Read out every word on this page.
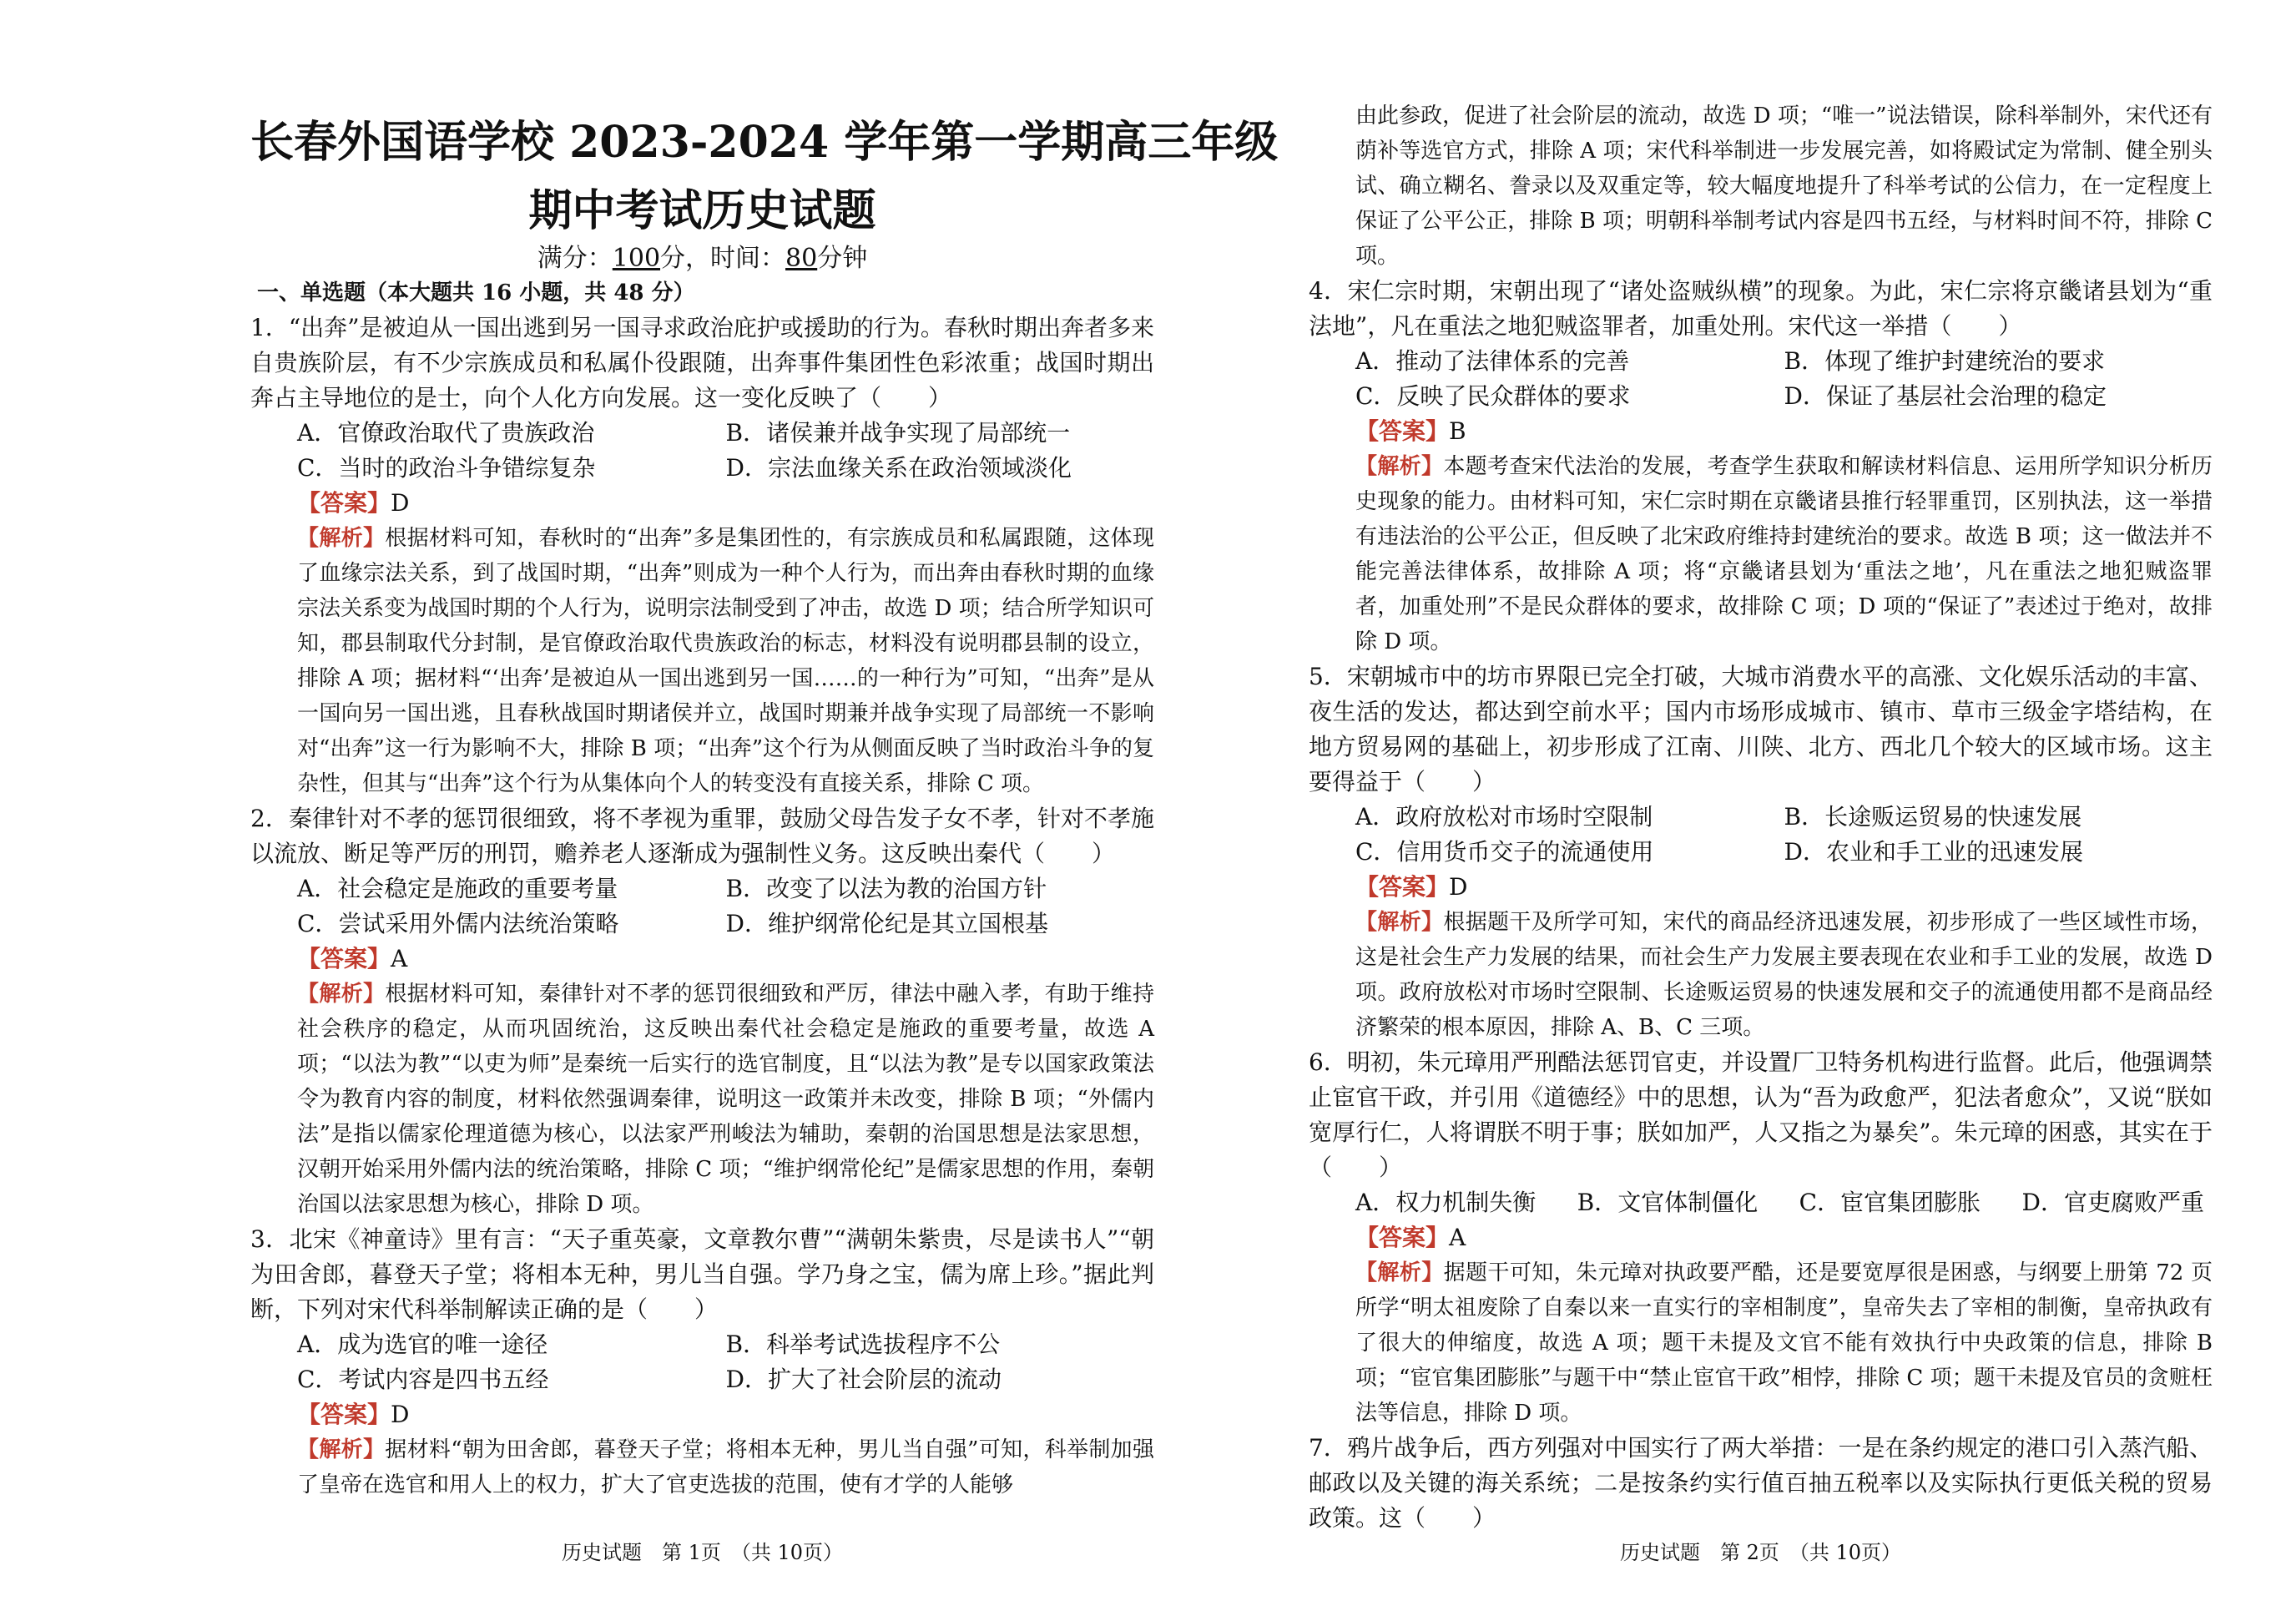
长春外国语学校 2023-2024 学年第一学期高三年级
期中考试历史试题
满分：100分，时间：80分钟
一、单选题（本大题共 16 小题，共 48 分）
1．“出奔”是被迫从一国出逃到另一国寻求政治庇护或援助的行为。春秋时期出奔者多来自贵族阶层，有不少宗族成员和私属仆役跟随，出奔事件集团性色彩浓重；战国时期出奔占主导地位的是士，向个人化方向发展。这一变化反映了（　　）
A．官僚政治取代了贵族政治	B．诸侯兼并战争实现了局部统一
C．当时的政治斗争错综复杂	D．宗法血缘关系在政治领域淡化
【答案】D
【解析】根据材料可知，春秋时的“出奔”多是集团性的，有宗族成员和私属跟随，这体现了血缘宗法关系，到了战国时期，“出奔”则成为一种个人行为，而出奔由春秋时期的血缘宗法关系变为战国时期的个人行为，说明宗法制受到了冲击，故选 D 项；结合所学知识可知，郡县制取代分封制，是官僚政治取代贵族政治的标志，材料没有说明郡县制的设立，排除 A 项；据材料“‘出奔’是被迫从一国出逃到另一国……的一种行为”可知，“出奔”是从一国向另一国出逃，且春秋战国时期诸侯并立，战国时期兼并战争实现了局部统一不影响对“出奔”这一行为影响不大，排除 B 项；“出奔”这个行为从侧面反映了当时政治斗争的复杂性，但其与“出奔”这个行为从集体向个人的转变没有直接关系，排除 C 项。
2．秦律针对不孝的惩罚很细致，将不孝视为重罪，鼓励父母告发子女不孝，针对不孝施以流放、断足等严厉的刑罚，赡养老人逐渐成为强制性义务。这反映出秦代（　　）
A．社会稳定是施政的重要考量	B．改变了以法为教的治国方针
C．尝试采用外儒内法统治策略	D．维护纲常伦纪是其立国根基
【答案】A
【解析】根据材料可知，秦律针对不孝的惩罚很细致和严厉，律法中融入孝，有助于维持社会秩序的稳定，从而巩固统治，这反映出秦代社会稳定是施政的重要考量，故选 A 项；“以法为教”“以吏为师”是秦统一后实行的选官制度，且“以法为教”是专以国家政策法令为教育内容的制度，材料依然强调秦律，说明这一政策并未改变，排除 B 项；“外儒内法”是指以儒家伦理道德为核心，以法家严刑峻法为辅助，秦朝的治国思想是法家思想，汉朝开始采用外儒内法的统治策略，排除 C 项；“维护纲常伦纪”是儒家思想的作用，秦朝治国以法家思想为核心，排除 D 项。
3．北宋《神童诗》里有言：“天子重英豪，文章教尔曹”“满朝朱紫贵，尽是读书人”“朝为田舍郎，暮登天子堂；将相本无种，男儿当自强。学乃身之宝，儒为席上珍。”据此判断，下列对宋代科举制解读正确的是（　　）
A．成为选官的唯一途径	B．科举考试选拔程序不公
C．考试内容是四书五经	D．扩大了社会阶层的流动
【答案】D
【解析】据材料“朝为田舍郎，暮登天子堂；将相本无种，男儿当自强”可知，科举制加强了皇帝在选官和用人上的权力，扩大了官吏选拔的范围，使有才学的人能够
历史试题　第 1页　（共 10页）
由此参政，促进了社会阶层的流动，故选 D 项；“唯一”说法错误，除科举制外，宋代还有荫补等选官方式，排除 A 项；宋代科举制进一步发展完善，如将殿试定为常制、健全别头试、确立糊名、誊录以及双重定等，较大幅度地提升了科举考试的公信力，在一定程度上保证了公平公正，排除 B 项；明朝科举制考试内容是四书五经，与材料时间不符，排除 C 项。
4．宋仁宗时期，宋朝出现了“诸处盗贼纵横”的现象。为此，宋仁宗将京畿诸县划为“重法地”，凡在重法之地犯贼盗罪者，加重处刑。宋代这一举措（　　）
A．推动了法律体系的完善	B．体现了维护封建统治的要求
C．反映了民众群体的要求	D．保证了基层社会治理的稳定
【答案】B
【解析】本题考查宋代法治的发展，考查学生获取和解读材料信息、运用所学知识分析历史现象的能力。由材料可知，宋仁宗时期在京畿诸县推行轻罪重罚，区别执法，这一举措有违法治的公平公正，但反映了北宋政府维持封建统治的要求。故选 B 项；这一做法并不能完善法律体系，故排除 A 项；将“京畿诸县划为‘重法之地’，凡在重法之地犯贼盗罪者，加重处刑”不是民众群体的要求，故排除 C 项；D 项的“保证了”表述过于绝对，故排除 D 项。
5．宋朝城市中的坊市界限已完全打破，大城市消费水平的高涨、文化娱乐活动的丰富、夜生活的发达，都达到空前水平；国内市场形成城市、镇市、草市三级金字塔结构，在地方贸易网的基础上，初步形成了江南、川陕、北方、西北几个较大的区域市场。这主要得益于（　　）
A．政府放松对市场时空限制	B．长途贩运贸易的快速发展
C．信用货币交子的流通使用	D．农业和手工业的迅速发展
【答案】D
【解析】根据题干及所学可知，宋代的商品经济迅速发展，初步形成了一些区域性市场，这是社会生产力发展的结果，而社会生产力发展主要表现在农业和手工业的发展，故选 D 项。政府放松对市场时空限制、长途贩运贸易的快速发展和交子的流通使用都不是商品经济繁荣的根本原因，排除 A、B、C 三项。
6．明初，朱元璋用严刑酷法惩罚官吏，并设置厂卫特务机构进行监督。此后，他强调禁止宦官干政，并引用《道德经》中的思想，认为“吾为政愈严，犯法者愈众”，又说“朕如宽厚行仁，人将谓朕不明于事；朕如加严，人又指之为暴矣”。朱元璋的困惑，其实在于（　　）
A．权力机制失衡 B．文官体制僵化 C．宦官集团膨胀 D．官吏腐败严重
【答案】A
【解析】据题干可知，朱元璋对执政要严酷，还是要宽厚很是困惑，与纲要上册第 72 页所学“明太祖废除了自秦以来一直实行的宰相制度”，皇帝失去了宰相的制衡，皇帝执政有了很大的伸缩度，故选 A 项；题干未提及文官不能有效执行中央政策的信息，排除 B 项；“宦官集团膨胀”与题干中“禁止宦官干政”相悖，排除 C 项；题干未提及官员的贪赃枉法等信息，排除 D 项。
7．鸦片战争后，西方列强对中国实行了两大举措：一是在条约规定的港口引入蒸汽船、邮政以及关键的海关系统；二是按条约实行值百抽五税率以及实际执行更低关税的贸易政策。这（　　）
历史试题　第 2页　（共 10页）
